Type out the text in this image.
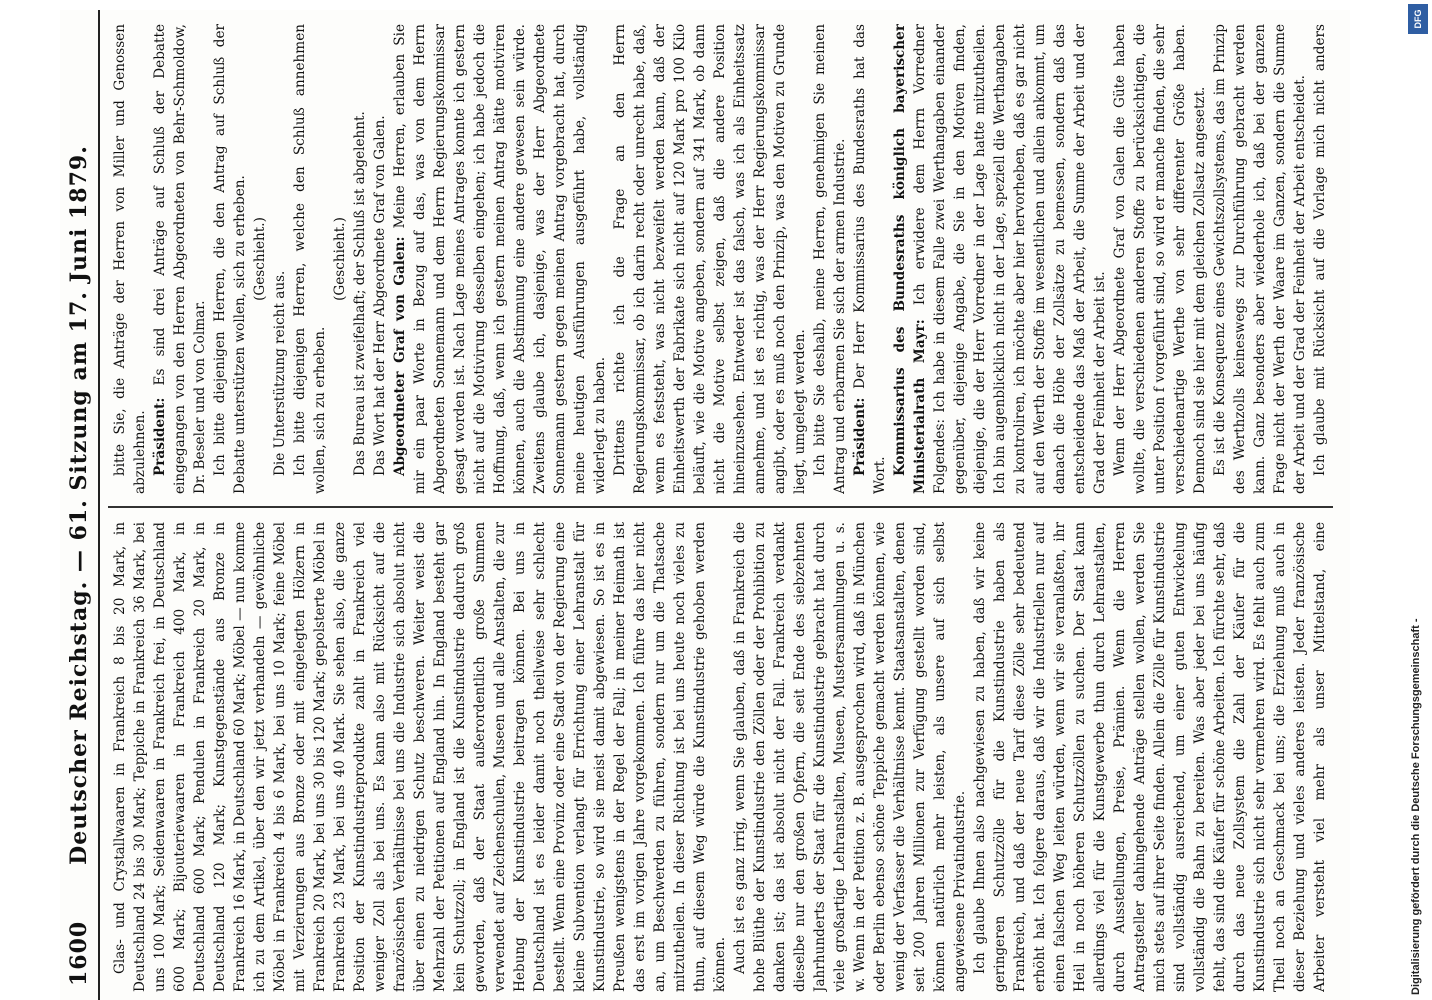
1600
Deutscher Reichstag. — 61. Sitzung am 17. Juni 1879. Glas- und Crystallwaaren in Frankreich 8 bis 20 Mark, in Deutschland 24 bis 30 Mark; Teppiche in Frankreich 36 Mark, bei uns 100 Mark; Seidenwaaren in Frankreich frei, in Deutschland 600 Mark; Bijouteriewaaren in Frankreich 400 Mark, in Deutschland 600 Mark; Pendulen in Frankreich 20 Mark, in Deutschland 120 Mark; Kunstgegenstände aus Bronze in Frankreich 16 Mark, in Deutschland 60 Mark; Möbel — nun komme ich zu dem Artikel, über den wir jetzt verhandeln — gewöhnliche Möbel in Frankreich 4 bis 6 Mark, bei uns 10 Mark; feine Möbel mit Verzierungen aus Bronze oder mit eingelegten Hölzern in Frankreich 20 Mark, bei uns 30 bis 120 Mark; gepolsterte Möbel in Frankreich 23 Mark, bei uns 40 Mark. Sie sehen also, die ganze Position der Kunstindustrieprodukte zahlt in Frankreich viel weniger Zoll als bei uns. Es kann also mit Rücksicht auf die französischen Verhältnisse bei uns die Industrie sich absolut nicht über einen zu niedrigen Schutz beschweren. Weiter weist die Mehrzahl der Petitionen auf England hin. In England besteht gar kein Schutzzoll; in England ist die Kunstindustrie dadurch groß geworden, daß der Staat außerordentlich große Summen verwendet auf Zeichenschulen, Museen und alle Anstalten, die zur Hebung der Kunstindustrie beitragen können. Bei uns in Deutschland ist es leider damit noch theilweise sehr schlecht bestellt. Wenn eine Provinz oder eine Stadt von der Regierung eine kleine Subvention verlangt für Errichtung einer Lehranstalt für Kunstindustrie, so wird sie meist damit abgewiesen. So ist es in Preußen wenigstens in der Regel der Fall; in meiner Heimath ist das erst im vorigen Jahre vorgekommen. Ich führe das hier nicht an, um Beschwerden zu führen, sondern nur um die Thatsache mitzutheilen. In dieser Richtung ist bei uns heute noch vieles zu thun, auf diesem Weg würde die Kunstindustrie gehoben werden können. Auch ist es ganz irrig, wenn Sie glauben, daß in Frankreich die hohe Blüthe der Kunstindustrie den Zöllen oder der Prohibition zu danken ist; das ist absolut nicht der Fall. Frankreich verdankt dieselbe nur den großen Opfern, die seit Ende des siebzehnten Jahrhunderts der Staat für die Kunstindustrie gebracht hat durch viele großartige Lehranstalten, Museen, Mustersammlungen u. s. w. Wenn in der Petition z. B. ausgesprochen wird, daß in München oder Berlin ebenso schöne Teppiche gemacht werden können, wie wenig der Verfasser die Verhältnisse kennt. Staatsanstalten, denen seit 200 Jahren Millionen zur Verfügung gestellt worden sind, können natürlich mehr leisten, als unsere auf sich selbst angewiesene Privatindustrie. Ich glaube Ihnen also nachgewiesen zu haben, daß wir keine geringeren Schutzzölle für die Kunstindustrie haben als Frankreich, und daß der neue Tarif diese Zölle sehr bedeutend erhöht hat. Ich folgere daraus, daß wir die Industriellen nur auf einen falschen Weg leiten würden, wenn wir sie veranlaßten, ihr Heil in noch höheren Schutzzöllen zu suchen. Der Staat kann allerdings viel für die Kunstgewerbe thun durch Lehranstalten, durch Ausstellungen, Preise, Prämien. Wenn die Herren Antragsteller dahingehende Anträge stellen wollen, werden Sie mich stets auf ihrer Seite finden. Allein die Zölle für Kunstindustrie sind vollständig ausreichend, um einer guten Entwickelung vollständig die Bahn zu bereiten. Was aber jeder bei uns häufig fehlt, das sind die Käufer für schöne Arbeiten. Ich fürchte sehr, daß durch das neue Zollsystem die Zahl der Käufer für die Kunstindustrie sich nicht sehr vermehren wird. Es fehlt auch zum Theil noch an Geschmack bei uns; die Erziehung muß auch in dieser Beziehung und vieles anderes leisten. Jeder französische Arbeiter versteht viel mehr als unser Mittelstand, eine

bitte Sie, die Anträge der Herren von Miller und Genossen abzulehnen. Präsident: Es sind drei Anträge auf Schluß der Debatte eingegangen von den Herren Abgeordneten von Behr-Schmoldow, Dr. Beseler und von Colmar. Ich bitte diejenigen Herren, die den Antrag auf Schluß der Debatte unterstützen wollen, sich zu erheben. (Geschieht.)

Die Unterstützung reicht aus. Ich bitte diejenigen Herren, welche den Schluß annehmen wollen, sich zu erheben.

(Geschieht.) Das Bureau ist zweifelhaft; der Schluß ist abgelehnt. Das Wort hat der Herr Abgeordnete Graf von Galen. Abgeordneter Graf von Galen: Meine Herren, erlauben Sie mir ein paar Worte in Bezug auf das, was von dem Herrn Abgeordneten Sonnemann und dem Herrn Regierungskommissar gesagt worden ist. Nach Lage meines Antrages konnte ich gestern nicht auf die Motivirung desselben eingehen; ich habe jedoch die Hoffnung, daß, wenn ich gestern meinen Antrag hätte motiviren können, auch die Abstimmung eine andere gewesen sein würde. Zweitens glaube ich, dasjenige, was der Herr Abgeordnete Sonnemann gestern gegen meinen Antrag vorgebracht hat, durch meine heutigen Ausführungen ausgeführt habe, vollständig widerlegt zu haben. Drittens richte ich die Frage an den Herrn Regierungskommissar, ob ich darin recht oder unrecht habe, daß, wenn es feststeht, was nicht bezweifelt werden kann, daß der Einheitswerth der Fabrikate sich nicht auf 120 Mark pro 100 Kilo beläuft, wie die Motive angeben, sondern auf 341 Mark, ob dann nicht die Motive selbst zeigen, daß die andere Position hineinzusehen. Entweder ist das falsch, was ich als Einheitssatz annehme, und ist es richtig, was der Herr Regierungskommissar angibt, oder es muß noch den Prinzip, was den Motiven zu Grunde liegt, umgelegt werden. Ich bitte Sie deshalb, meine Herren, genehmigen Sie meinen Antrag und erbarmen Sie sich der armen Industrie. Präsident: Der Herr Kommissarius des Bundesraths hat das Wort. Kommissarius des Bundesraths königlich bayerischer Ministerialrath Mayr: Ich erwidere dem Herrn Vorredner Folgendes: Ich habe in diesem Falle zwei Werthangaben einander gegenüber, diejenige Angabe, die Sie in den Motiven finden, diejenige, die der Herr Vorredner in der Lage hatte mitzutheilen. Ich bin augenblicklich nicht in der Lage, speziell die Werthangaben zu kontroliren, ich möchte aber hier hervorheben, daß es gar nicht auf den Werth der Stoffe im wesentlichen und allein ankommt, um danach die Höhe der Zollsätze zu bemessen, sondern daß das entscheidende das Maß der Arbeit, die Summe der Arbeit und der Grad der Feinheit der Arbeit ist. Wenn der Herr Abgeordnete Graf von Galen die Güte haben wollte, die verschiedenen anderen Stoffe zu berücksichtigen, die unter Position f vorgeführt sind, so wird er manche finden, die sehr verschiedenartige Werthe von sehr differenter Größe haben. Dennoch sind sie hier mit dem gleichen Zollsatz angesetzt. Es ist die Konsequenz eines Gewichtszollsystems, das im Prinzip des Werthzolls keineswegs zur Durchführung gebracht werden kann. Ganz besonders aber wiederhole ich, daß bei der ganzen Frage nicht der Werth der Waare im Ganzen, sondern die Summe der Arbeit und der Grad der Feinheit der Arbeit entscheidet. Ich glaube mit Rücksicht auf die Vorlage mich nicht anders

Digitalisierung gefördert durch die Deutsche Forschungsgemeinschaft -
DFG
